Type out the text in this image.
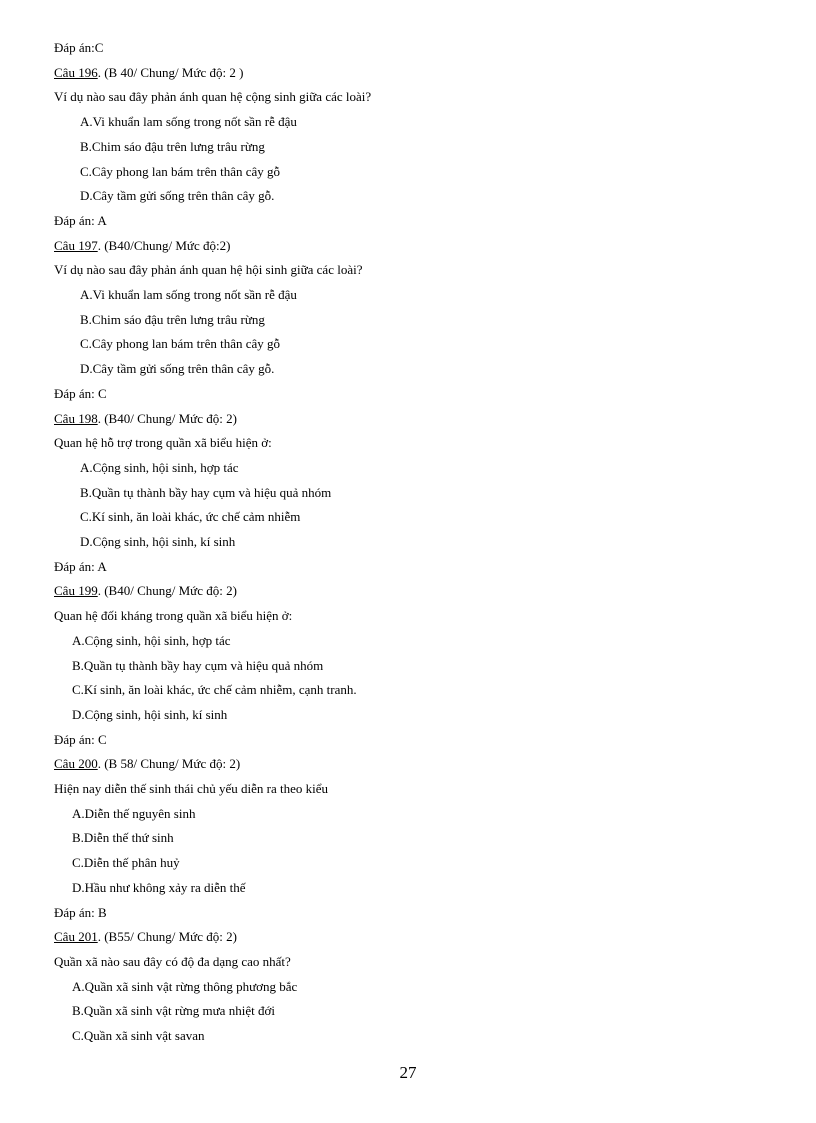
Đáp án:C
Câu 196. (B 40/ Chung/ Mức độ: 2 )
Ví dụ nào sau đây phản ánh quan hệ cộng sinh giữa các loài?
A.Vi khuẩn lam sống trong nốt sần rễ đậu
B.Chim sáo đậu trên lưng trâu rừng
C.Cây phong lan bám trên thân cây gỗ
D.Cây tầm gửi sống trên thân cây gỗ.
Đáp án: A
Câu 197. (B40/Chung/ Mức độ:2)
Ví dụ nào sau đây phản ánh quan hệ hội sinh giữa các loài?
A.Vi khuẩn lam sống trong nốt sần rễ đậu
B.Chim sáo đậu trên lưng trâu rừng
C.Cây phong lan bám trên thân cây gỗ
D.Cây tầm gửi sống trên thân cây gỗ.
Đáp án: C
Câu 198. (B40/ Chung/ Mức độ: 2)
Quan hệ hỗ trợ trong quần xã biểu hiện ở:
A.Cộng sinh, hội sinh, hợp tác
B.Quần tụ thành bầy hay cụm và hiệu quả nhóm
C.Kí sinh, ăn loài khác, ức chế cảm nhiễm
D.Cộng sinh, hội sinh, kí sinh
Đáp án: A
Câu 199. (B40/ Chung/ Mức độ: 2)
Quan hệ đối kháng trong quần xã biểu hiện ở:
A.Cộng sinh, hội sinh, hợp tác
B.Quần tụ thành bầy hay cụm và hiệu quả nhóm
C.Kí sinh, ăn loài khác, ức chế cảm nhiễm, cạnh tranh.
D.Cộng sinh, hội sinh, kí sinh
Đáp án: C
Câu 200. (B 58/ Chung/ Mức độ: 2)
Hiện nay diễn thế sinh thái chủ yếu diễn ra theo kiểu
A.Diễn thế nguyên sinh
B.Diễn thế thứ sinh
C.Diễn thế phân huỷ
D.Hầu như không xảy ra diễn thế
Đáp án: B
Câu 201. (B55/ Chung/ Mức độ: 2)
Quần xã nào sau đây có độ đa dạng cao nhất?
A.Quần xã sinh vật rừng thông phương bắc
B.Quần xã sinh vật rừng mưa nhiệt đới
C.Quần xã sinh vật savan
27
